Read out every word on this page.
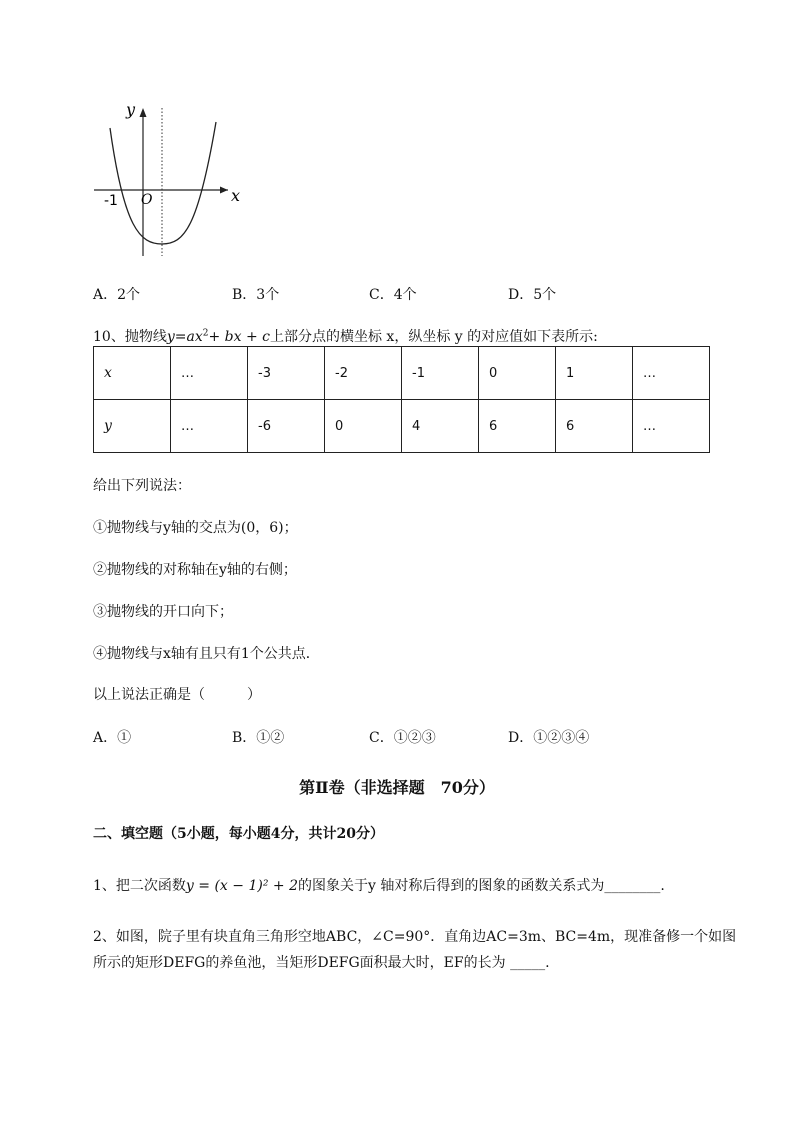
y
x
O
-1
A．2个	B．3个	C．4个	D．5个
10、抛物线$y=ax^2+$ bx + c上部分点的横坐标 x，纵坐标 y 的对应值如下表所示:
x	…	-3	-2	-1	0	1	…
y	…	-6	0	4	6	6	…
给出下列说法：
①抛物线与y轴的交点为(0，6)；
②抛物线的对称轴在y轴的右侧；
③抛物线的开口向下；
④抛物线与x轴有且只有1个公共点．
以上说法正确是（　　　）
A．①	B．①②	C．①②③	D．①②③④
第Ⅱ卷（非选择题　70分）
二、填空题（5小题，每小题4分，共计20分）
1、把二次函数y = (x − 1)² + 2的图象关于y 轴对称后得到的图象的函数关系式为________.
2、如图，院子里有块直角三角形空地ABC，∠C=90°．直角边AC=3m、BC=4m，现准备修一个如图
所示的矩形DEFG的养鱼池，当矩形DEFG面积最大时，EF的长为 _____.
